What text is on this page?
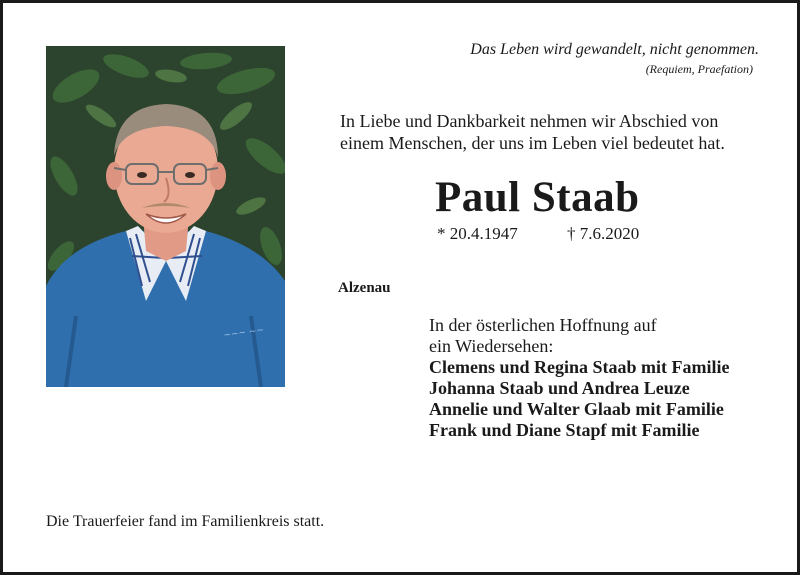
~~~ ~~
Das Leben wird gewandelt, nicht genommen.
(Requiem, Praefation)
In Liebe und Dankbarkeit nehmen wir Abschied von
einem Menschen, der uns im Leben viel bedeutet hat.
Paul Staab
* 20.4.1947	† 7.6.2020
Alzenau
In der österlichen Hoffnung auf
ein Wiedersehen:
Clemens und Regina Staab mit Familie
Johanna Staab und Andrea Leuze
Annelie und Walter Glaab mit Familie
Frank und Diane Stapf mit Familie
Die Trauerfeier fand im Familienkreis statt.
